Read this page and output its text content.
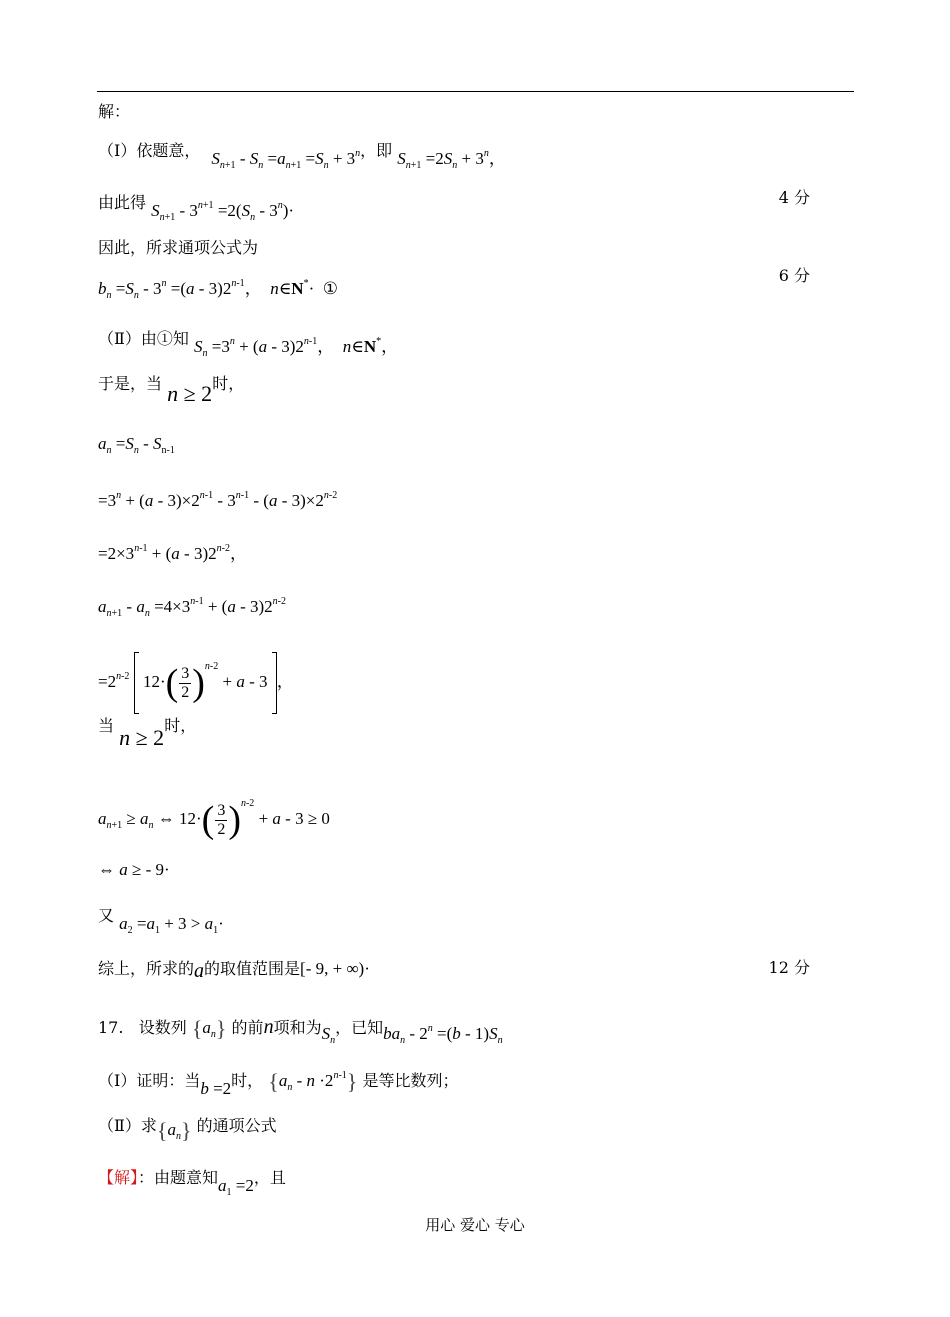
解：
（Ⅰ）依题意， $S_{n+1} - S_n =a_{n+1} =S_n + 3^n$，即 $S_{n+1} =2S_n + 3^n$，
由此得 $S_{n+1} - 3^{n+1} =2(S_n - 3^n)\cdot$
4 分
因此，所求通项公式为
$b_n =S_n - 3^n =(a - 3)2^{n-1}$，  n∈N*·  ①
6 分
（Ⅱ）由①知 $S_n =3^n + (a - 3)2^{n-1}$，  n∈N*，
于是，当 n ≥ 2时，
$a_n =S_n - S_{n-1}$
$=3^n + (a - 3)\times 2^{n-1} - 3^{n-1} - (a - 3)\times 2^{n-2}$
$=2\times 3^{n-1} + (a - 3)2^{n-2}$，
$a_{n+1} - a_n =4\times 3^{n-1} + (a - 3)2^{n-2}$
$=2^{n-2}$  $12\cdot( \frac{3}{2} )^{n-2} + a - 3$ ，
当 n ≥ 2时，
$a_{n+1} \ge a_n$ ⇔ $12\cdot( \frac{3}{2} )^{n-2} + a - 3 \ge 0$
⇔ a ≥ - 9·
又 $a_2 =a_1 + 3 > a_1\cdot$
综上，所求的a的取值范围是[- 9, + ∞)·	12 分
17. 设数列 $\{a_n\}$ 的前n项和为$S_n$，已知$ba_n - 2^n =(b - 1)S_n$
（Ⅰ）证明：当b =2时， $\{a_n - n \cdot 2^{n-1}\}$ 是等比数列；
（Ⅱ）求$\{a_n\}$ 的通项公式
【解】：由题意知$a_1 =2$，且
用心 爱心 专心
